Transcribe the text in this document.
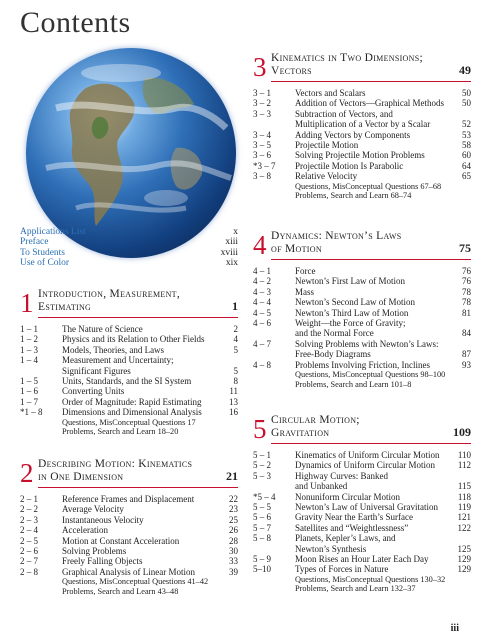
Contents
Applications List	x
Preface	xiii
To Students	xviii
Use of Color	xix
1 Introduction, Measurement,
Estimating	1
1 – 1	The Nature of Science	2
1 – 2	Physics and its Relation to Other Fields	4
1 – 3	Models, Theories, and Laws	5
1 – 4	Measurement and Uncertainty;
Significant Figures	5
1 – 5	Units, Standards, and the SI System	8
1 – 6	Converting Units	11
1 – 7	Order of Magnitude: Rapid Estimating	13
*1 – 8	Dimensions and Dimensional Analysis	16
Questions, MisConceptual Questions 17
Problems, Search and Learn 18–20
2 Describing Motion: Kinematics
in One Dimension	21
2 – 1	Reference Frames and Displacement	22
2 – 2	Average Velocity	23
2 – 3	Instantaneous Velocity	25
2 – 4	Acceleration	26
2 – 5	Motion at Constant Acceleration	28
2 – 6	Solving Problems	30
2 – 7	Freely Falling Objects	33
2 – 8	Graphical Analysis of Linear Motion	39
Questions, MisConceptual Questions 41–42
Problems, Search and Learn 43–48
3 Kinematics in Two Dimensions;
Vectors	49
3 – 1	Vectors and Scalars	50
3 – 2	Addition of Vectors—Graphical Methods	50
3 – 3	Subtraction of Vectors, and
Multiplication of a Vector by a Scalar	52
3 – 4	Adding Vectors by Components	53
3 – 5	Projectile Motion	58
3 – 6	Solving Projectile Motion Problems	60
*3 – 7	Projectile Motion Is Parabolic	64
3 – 8	Relative Velocity	65
Questions, MisConceptual Questions 67–68
Problems, Search and Learn 68–74
4 Dynamics: Newton’s Laws
of Motion	75
4 – 1	Force	76
4 – 2	Newton’s First Law of Motion	76
4 – 3	Mass	78
4 – 4	Newton’s Second Law of Motion	78
4 – 5	Newton’s Third Law of Motion	81
4 – 6	Weight—the Force of Gravity;
and the Normal Force	84
4 – 7	Solving Problems with Newton’s Laws:
Free-Body Diagrams	87
4 – 8	Problems Involving Friction, Inclines	93
Questions, MisConceptual Questions 98–100
Problems, Search and Learn 101–8
5 Circular Motion;
Gravitation	109
5 – 1	Kinematics of Uniform Circular Motion	110
5 – 2	Dynamics of Uniform Circular Motion	112
5 – 3	Highway Curves: Banked
and Unbanked	115
*5 – 4	Nonuniform Circular Motion	118
5 – 5	Newton’s Law of Universal Gravitation	119
5 – 6	Gravity Near the Earth’s Surface	121
5 – 7	Satellites and “Weightlessness”	122
5 – 8	Planets, Kepler’s Laws, and
Newton’s Synthesis	125
5 – 9	Moon Rises an Hour Later Each Day	129
5–10	Types of Forces in Nature	129
Questions, MisConceptual Questions 130–32
Problems, Search and Learn 132–37
iii
